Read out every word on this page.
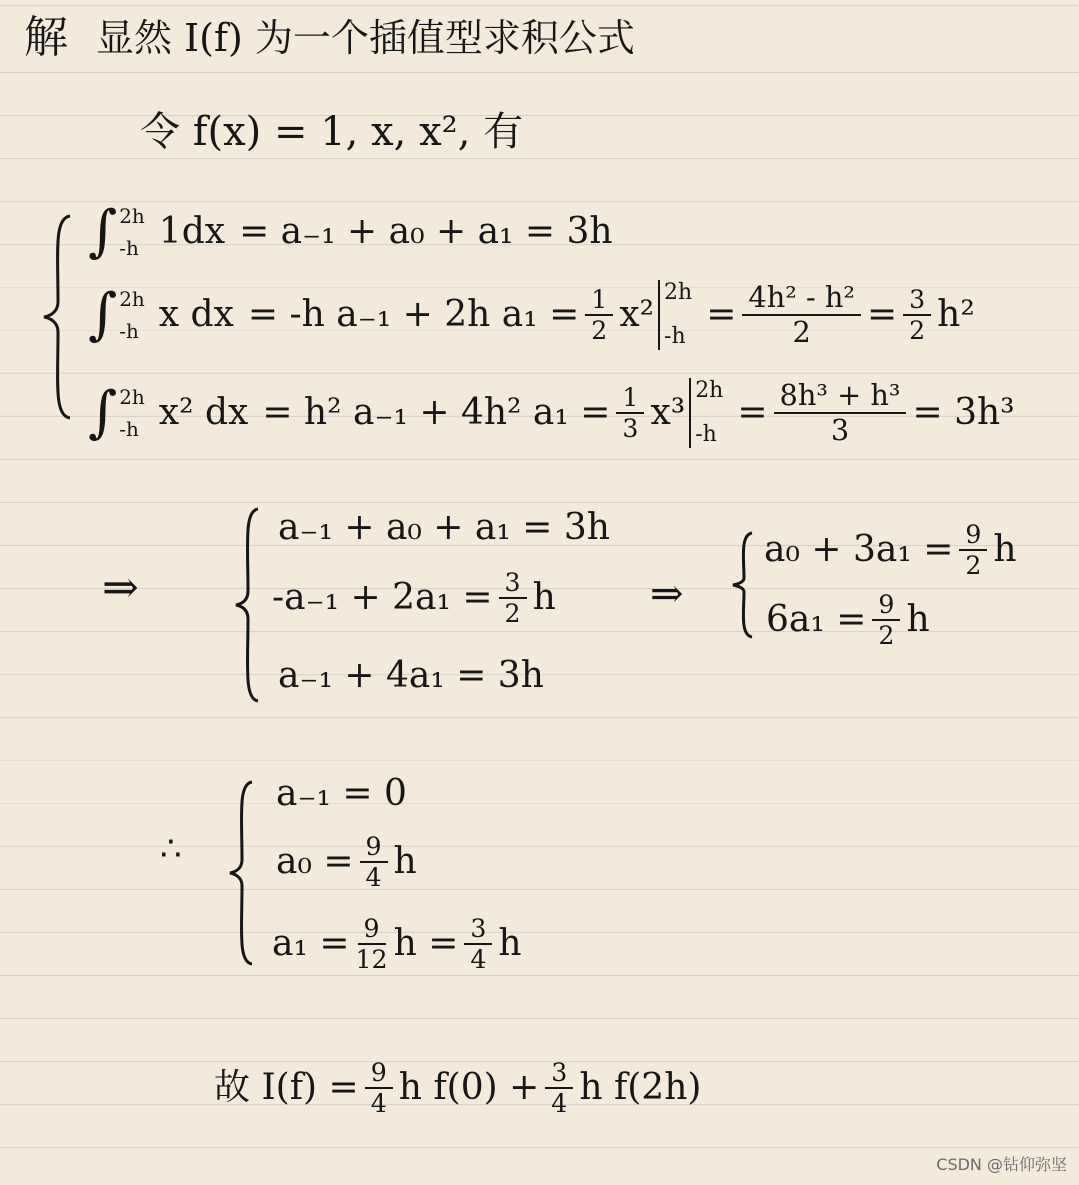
解 显然 I(f) 为一个插值型求积公式
令 f(x) = 1, x, x², 有
∫ 2h
-h 1dx = a₋₁ + a₀ + a₁ = 3h
∫ 2h
-h x dx = -h a₋₁ + 2h $a_1 = \frac{1}{2} x^2$
2h
-h
= $\frac{\text{4h² - h²}}{2} = \frac{3}{2} h^2$
∫ 2h
-h x² dx = h² a₋₁ + 4h² $a_1 = \frac{1}{3} x^3$
2h
-h
= $\frac{\text{8h³ + h³}}{3} = 3h^3$
⇒
a₋₁ + a₀ + a₁ = 3h
$-a_{-1} + 2a_1 = \frac{3}{2}$ h
a₋₁ + 4a₁ = 3h
⇒
$a_0 + 3a_1 = \frac{9}{2}$ h
$6a_1 = \frac{9}{2}$ h
∴
a₋₁ = 0
$a_0 = \frac{9}{4}$ h
$a_1 = \frac{9}{12}$ $h = \frac{3}{4}$ h
故 $I(f) = \frac{9}{4}$ h $f(0) + \frac{3}{4}$ h f(2h)
CSDN @钻仰弥坚
